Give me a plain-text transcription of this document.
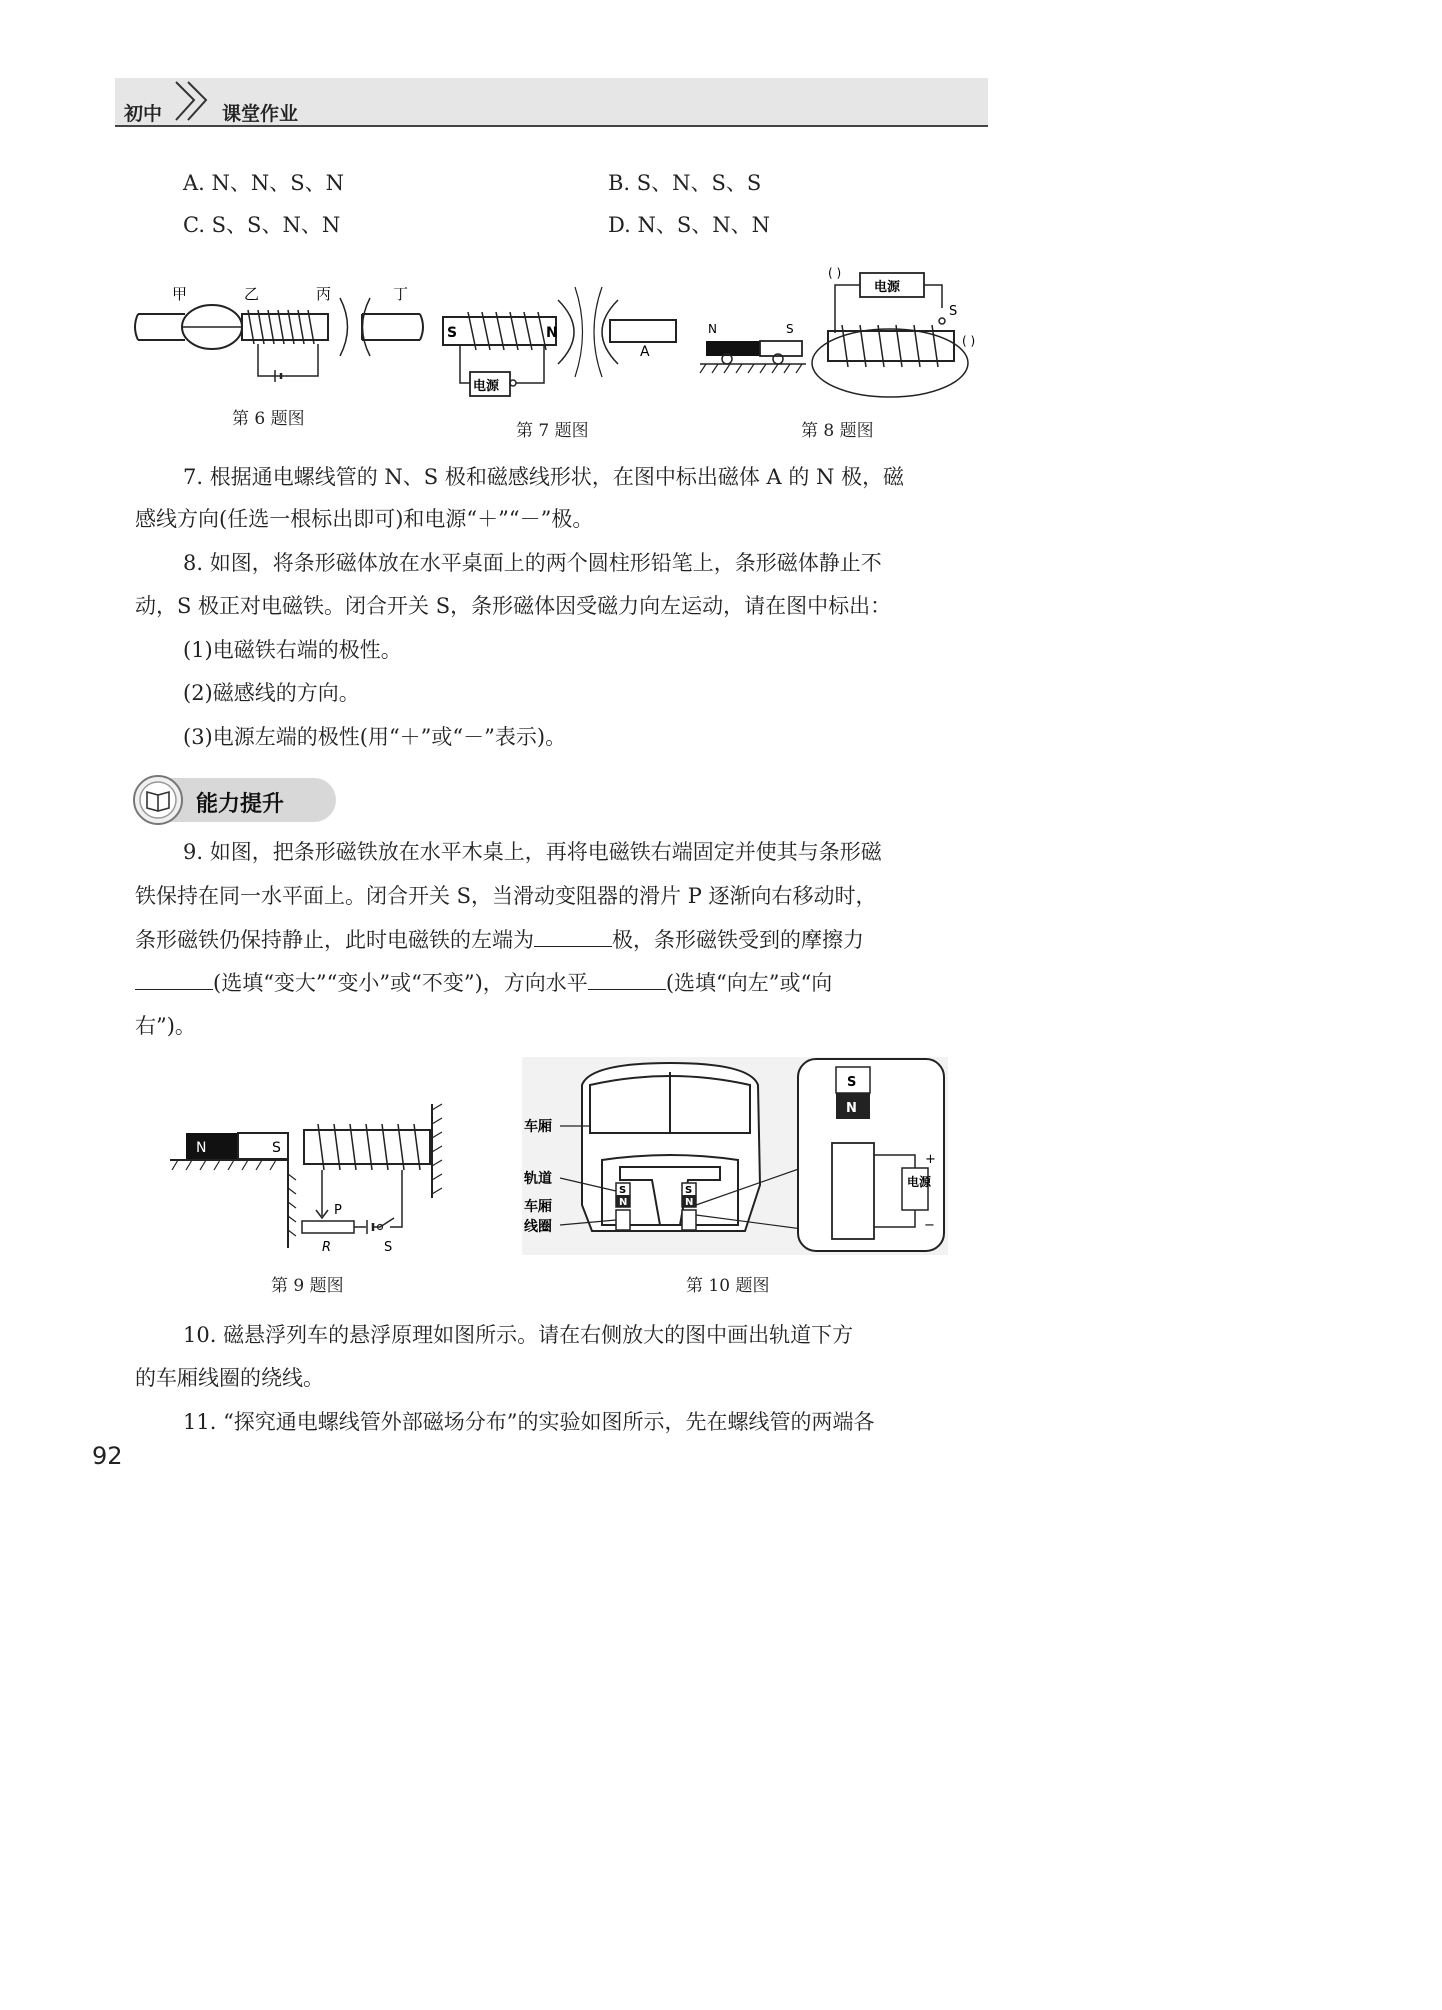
初中	课堂作业
A. N、N、S、N	B. S、N、S、S
C. S、S、N、N	D. N、S、N、N
甲	乙	丙	丁
第 6 题图
S	N
A
电源
第 7 题图
( )
电源
S
( )
N	S
第 8 题图
7. 根据通电螺线管的 N、S 极和磁感线形状，在图中标出磁体 A 的 N 极，磁
感线方向(任选一根标出即可)和电源“＋”“－”极。
8. 如图，将条形磁体放在水平桌面上的两个圆柱形铅笔上，条形磁体静止不
动，S 极正对电磁铁。闭合开关 S，条形磁体因受磁力向左运动，请在图中标出：
(1)电磁铁右端的极性。
(2)磁感线的方向。
(3)电源左端的极性(用“＋”或“－”表示)。
能力提升
9. 如图，把条形磁铁放在水平木桌上，再将电磁铁右端固定并使其与条形磁
铁保持在同一水平面上。闭合开关 S，当滑动变阻器的滑片 P 逐渐向右移动时，
条形磁铁仍保持静止，此时电磁铁的左端为	极，条形磁铁受到的摩擦力
(选填“变大”“变小”或“不变”)，方向水平	(选填“向左”或“向
右”)。
N	S
P
R	S
第 9 题图
S
N
S
N
车厢
轨道
车厢
线圈
S
N
电源
+
−
第 10 题图
10. 磁悬浮列车的悬浮原理如图所示。请在右侧放大的图中画出轨道下方
的车厢线圈的绕线。
11. “探究通电螺线管外部磁场分布”的实验如图所示，先在螺线管的两端各
92
